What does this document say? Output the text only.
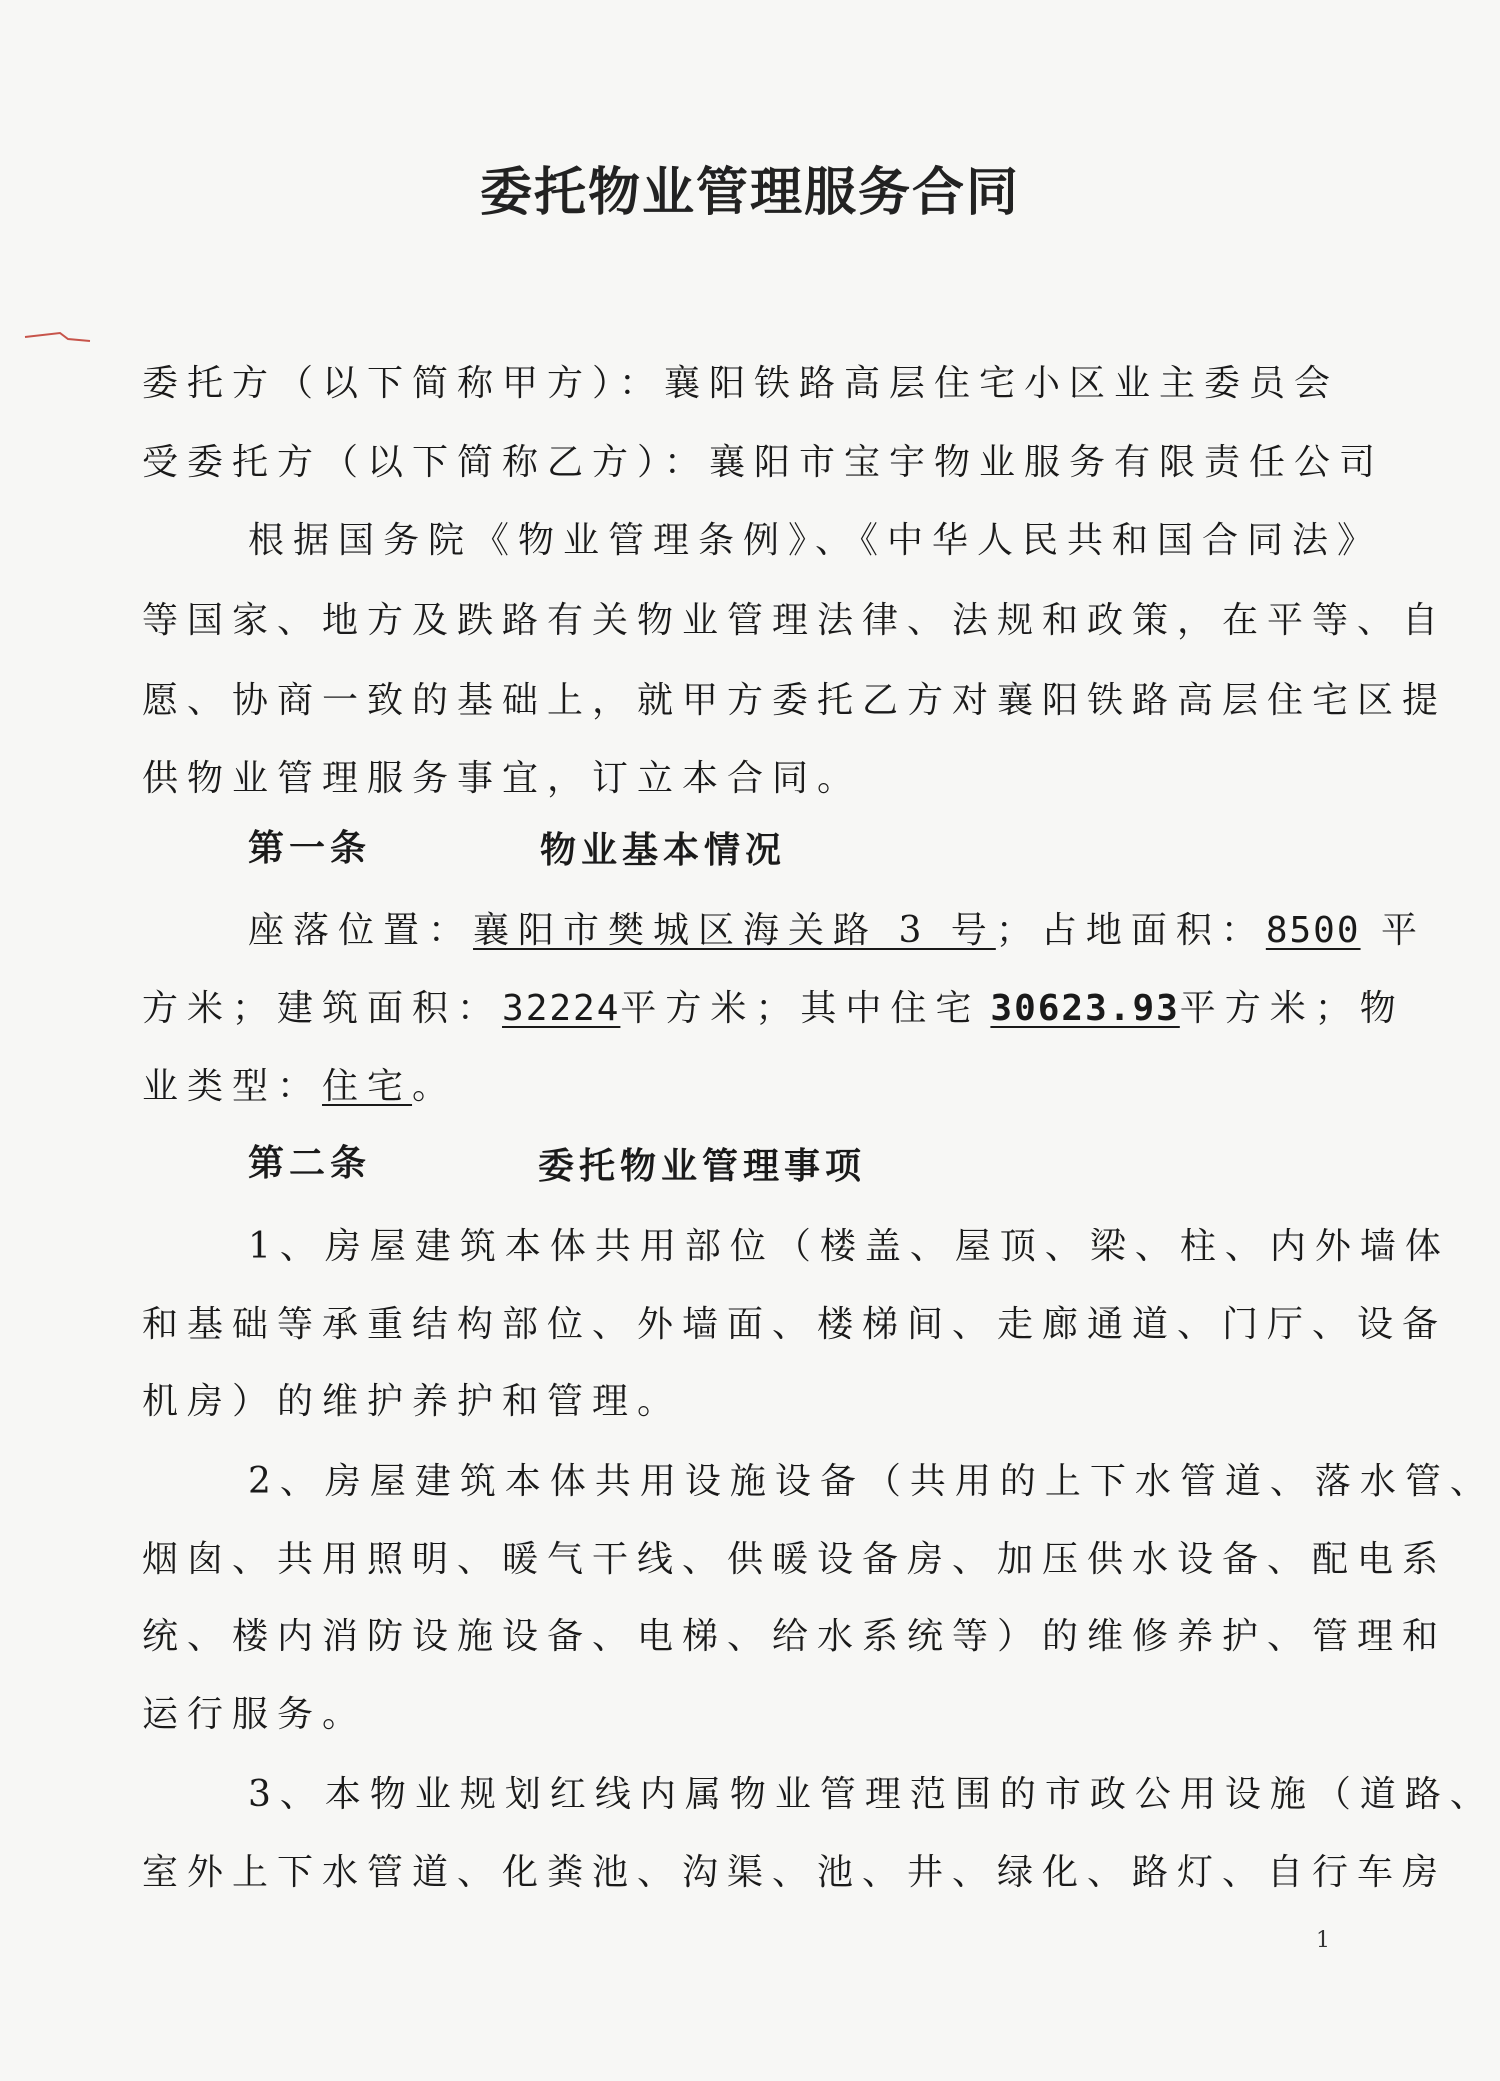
委托物业管理服务合同
委托方（以下简称甲方）：襄阳铁路高层住宅小区业主委员会
受委托方（以下简称乙方）：襄阳市宝宇物业服务有限责任公司
根据国务院《物业管理条例》、《中华人民共和国合同法》
等国家、地方及跌路有关物业管理法律、法规和政策，在平等、自
愿、协商一致的基础上，就甲方委托乙方对襄阳铁路高层住宅区提
供物业管理服务事宜，订立本合同。
第一条	物业基本情况
座落位置：襄阳市樊城区海关路 3 号；占地面积：8500 平
方米；建筑面积：32224平方米；其中住宅 30623.93平方米；物
业类型：住宅。
第二条	委托物业管理事项
1、房屋建筑本体共用部位（楼盖、屋顶、梁、柱、内外墙体
和基础等承重结构部位、外墙面、楼梯间、走廊通道、门厅、设备
机房）的维护养护和管理。
2、房屋建筑本体共用设施设备（共用的上下水管道、落水管、
烟囱、共用照明、暖气干线、供暖设备房、加压供水设备、配电系
统、楼内消防设施设备、电梯、给水系统等）的维修养护、管理和
运行服务。
3、本物业规划红线内属物业管理范围的市政公用设施（道路、
室外上下水管道、化粪池、沟渠、池、井、绿化、路灯、自行车房
1
